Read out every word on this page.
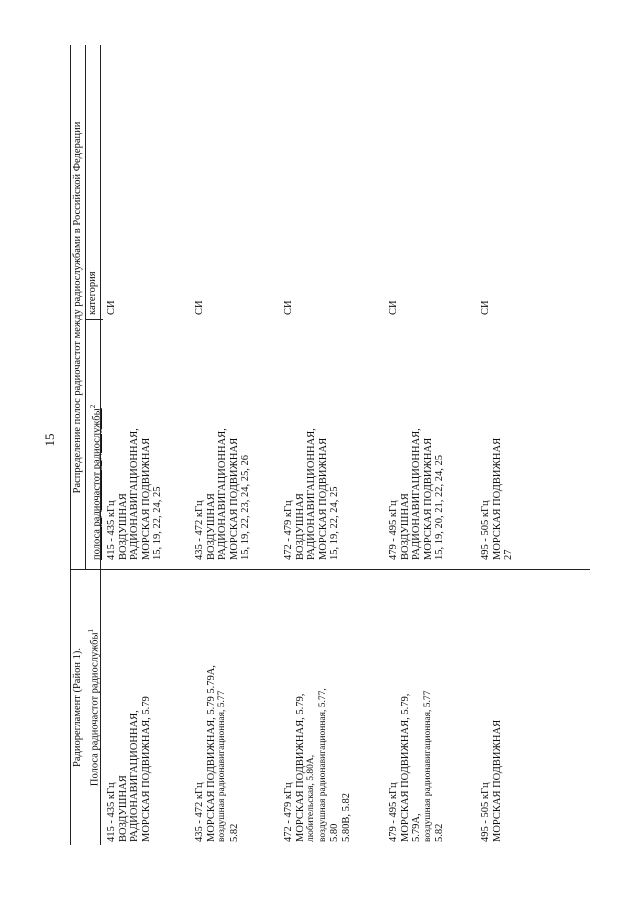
15
Радиорегламент (Район 1). Полоса радиочастот радиослужбы$^1$
Распределение полос радиочастот между радиослужбами в Российской Федерации полоса радиочастот радиослужбы$^2$
категория
415 - 435 кГц ВОЗДУШНАЯ РАДИОНАВИГАЦИОННАЯ, МОРСКАЯ ПОДВИЖНАЯ, 5.79
415 - 435 кГц ВОЗДУШНАЯ РАДИОНАВИГАЦИОННАЯ, МОРСКАЯ ПОДВИЖНАЯ 15, 19, 22, 24, 25
СИ
435 - 472 кГц МОРСКАЯ ПОДВИЖНАЯ, 5.79 5.79А, воздушная радионавигационная, 5.77 5.82
435 - 472 кГц ВОЗДУШНАЯ РАДИОНАВИГАЦИОННАЯ, МОРСКАЯ ПОДВИЖНАЯ 15, 19, 22, 23, 24, 25, 26
СИ
472 - 479 кГц МОРСКАЯ ПОДВИЖНАЯ, 5.79, любительская, 5.80А, воздушная радионавигационная, 5.77, 5.80 5.80В, 5.82
472 - 479 кГц ВОЗДУШНАЯ РАДИОНАВИГАЦИОННАЯ, МОРСКАЯ ПОДВИЖНАЯ 15, 19, 22, 24, 25
СИ
479 - 495 кГц МОРСКАЯ ПОДВИЖНАЯ, 5.79, 5.79А, воздушная радионавигационная, 5.77 5.82
479 - 495 кГц ВОЗДУШНАЯ РАДИОНАВИГАЦИОННАЯ, МОРСКАЯ ПОДВИЖНАЯ 15, 19, 20, 21, 22, 24, 25
СИ
495 - 505 кГц МОРСКАЯ ПОДВИЖНАЯ
495 - 505 кГц МОРСКАЯ ПОДВИЖНАЯ 27
СИ
